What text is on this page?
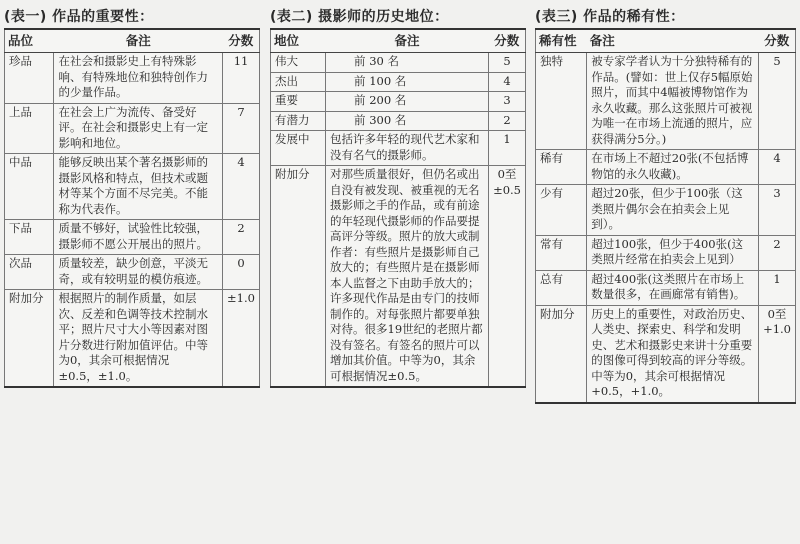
(表一) 作品的重要性：
品位	备注	分数
珍品	在社会和摄影史上有特殊影响、有特殊地位和独特创作力的少量作品。	11
上品	在社会上广为流传、备受好评。在社会和摄影史上有一定影响和地位。	7
中品	能够反映出某个著名摄影师的摄影风格和特点，但技术或题材等某个方面不尽完美。不能称为代表作。	4
下品	质量不够好，试验性比较强，摄影师不愿公开展出的照片。	2
次品	质量较差，缺少创意，平淡无奇，或有较明显的模仿痕迹。	0
附加分	根据照片的制作质量，如层次、反差和色调等技术控制水平；照片尺寸大小等因素对图片分数进行附加值评估。中等为0，其余可根据情况±0.5，±1.0。	±1.0
(表二) 摄影师的历史地位：
地位	备注	分数
伟大	前 30 名	5
杰出	前 100 名	4
重要	前 200 名	3
有潜力	前 300 名	2
发展中	包括许多年轻的现代艺术家和没有名气的摄影师。	1
附加分	对那些质量很好，但仍名或出自没有被发现、被重视的无名摄影师之手的作品，或有前途的年轻现代摄影师的作品要提高评分等级。照片的放大或制作者：有些照片是摄影师自己放大的；有些照片是在摄影师本人监督之下由助手放大的；许多现代作品是由专门的技师制作的。对每张照片都要单独对待。很多19世纪的老照片都没有签名。有签名的照片可以增加其价值。中等为0，其余可根据情况±0.5。	0至±0.5
(表三) 作品的稀有性：
稀有性	备注	分数
独特	被专家学者认为十分独特稀有的作品。(譬如：世上仅存5幅原始照片，而其中4幅被博物馆作为永久收藏。那么这张照片可被视为唯一在市场上流通的照片，应获得满分5分。)	5
稀有	在市场上不超过20张(不包括博物馆的永久收藏)。	4
少有	超过20张，但少于100张（这类照片偶尔会在拍卖会上见到）。	3
常有	超过100张，但少于400张(这类照片经常在拍卖会上见到）	2
总有	超过400张(这类照片在市场上数量很多，在画廊常有销售)。	1
附加分	历史上的重要性，对政治历史、人类史、探索史、科学和发明史、艺术和摄影史来讲十分重要的图像可得到较高的评分等级。中等为0，其余可根据情况+0.5，+1.0。	0至+1.0
